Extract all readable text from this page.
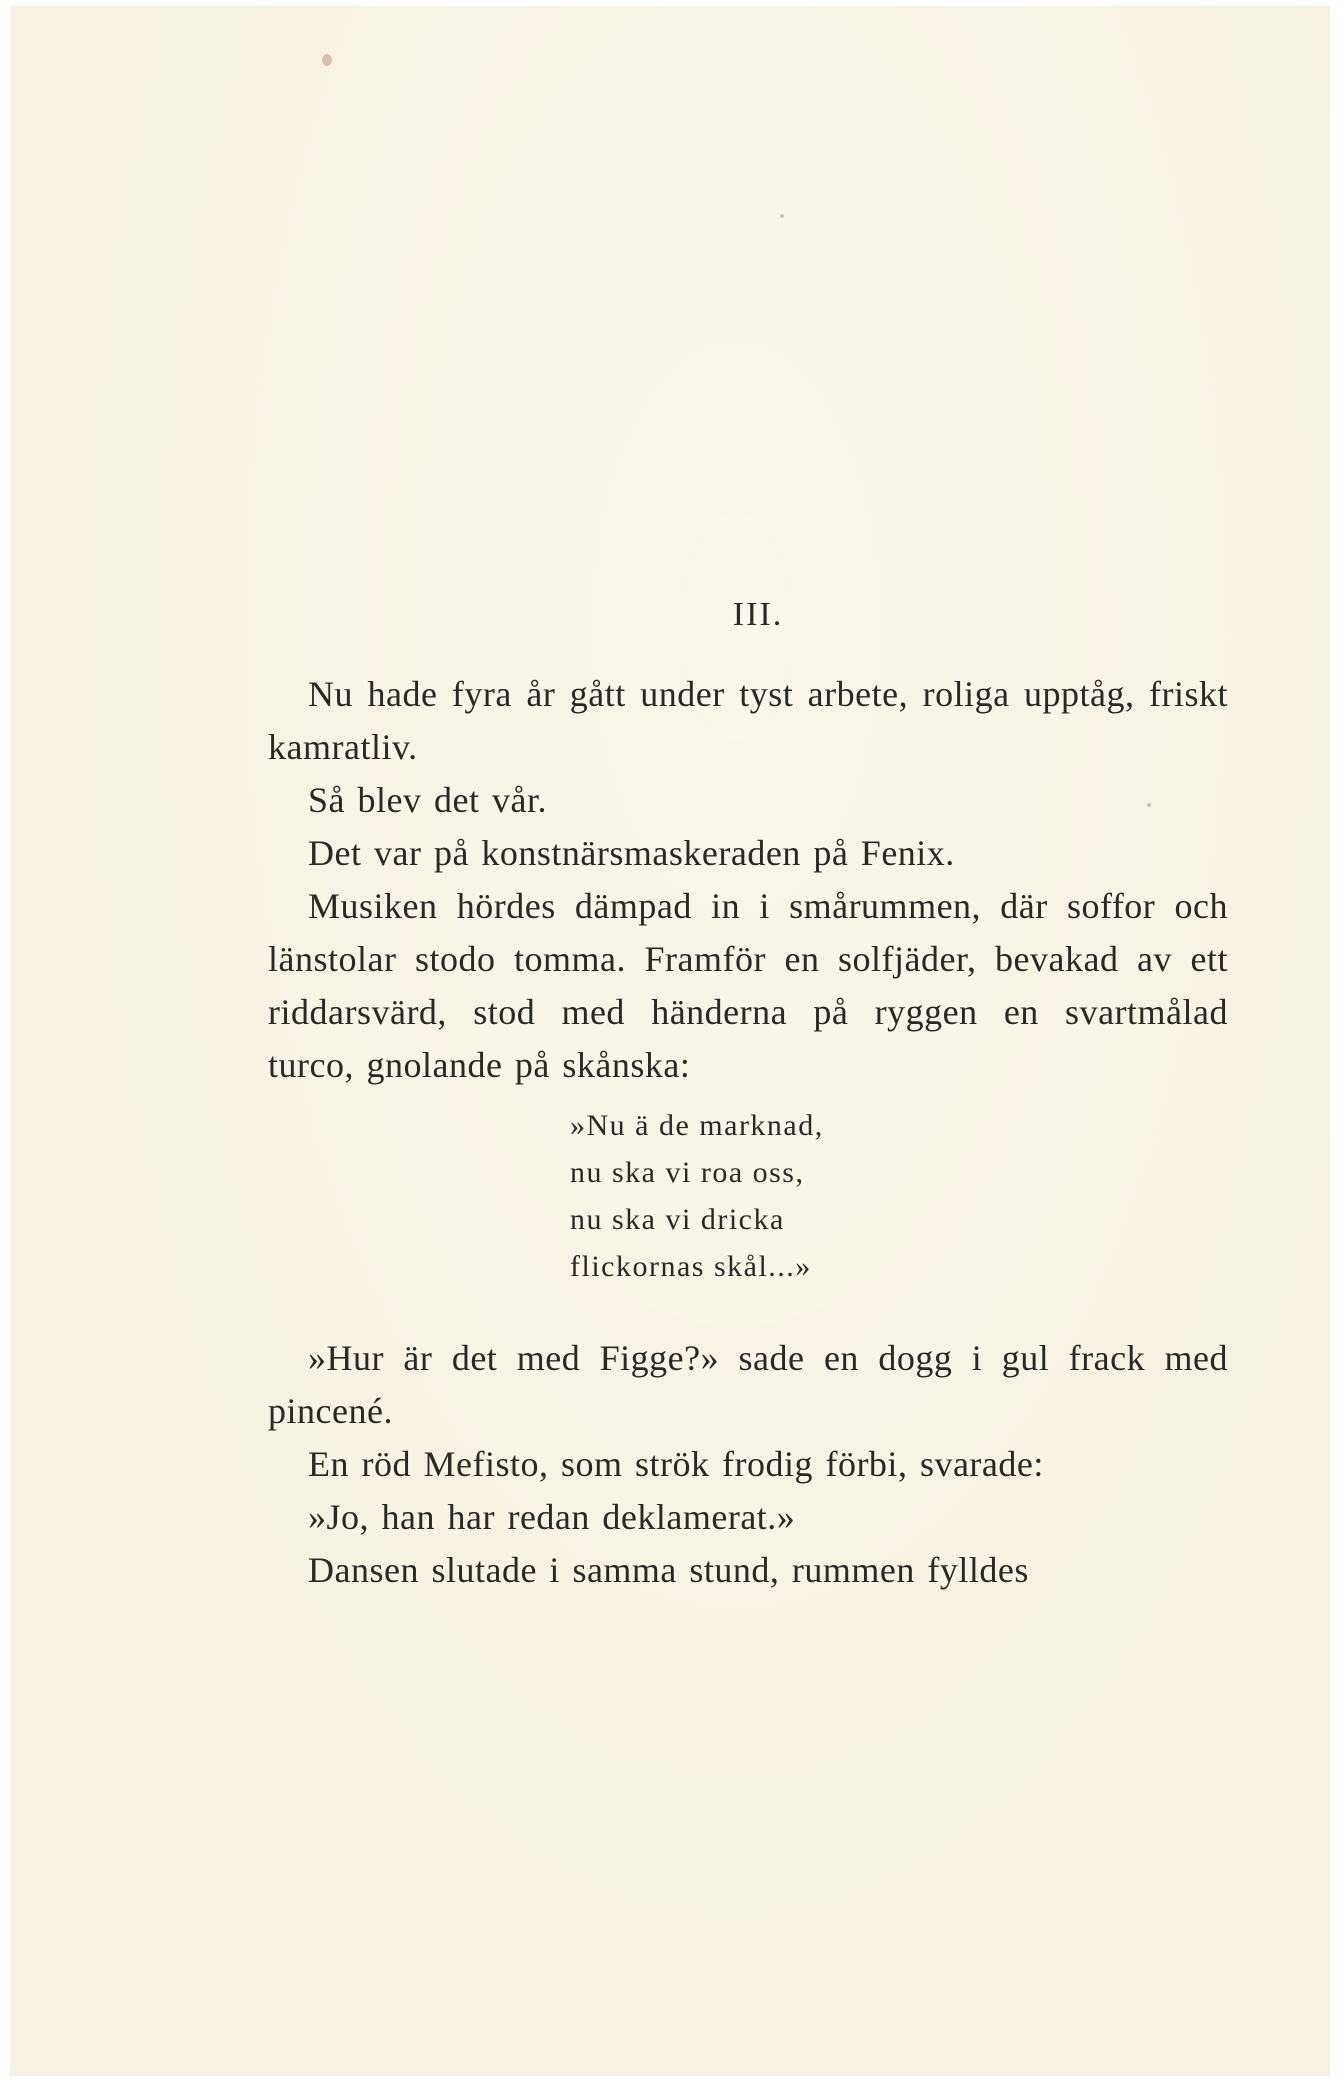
III.

Nu hade fyra år gått under tyst arbete, roliga upptåg, friskt kamratliv.

Så blev det vår.

Det var på konstnärsmaskeraden på Fenix.

Musiken hördes dämpad in i smårummen, där soffor och länstolar stodo tomma. Framför en solfjäder, bevakad av ett riddarsvärd, stod med händerna på ryggen en svartmålad turco, gnolande på skånska:

»Nu ä de marknad,
nu ska vi roa oss,
nu ska vi dricka
flickornas skål...»

»Hur är det med Figge?» sade en dogg i gul frack med pincené.

En röd Mefisto, som strök frodig förbi, svarade:

»Jo, han har redan deklamerat.»

Dansen slutade i samma stund, rummen fylldes
